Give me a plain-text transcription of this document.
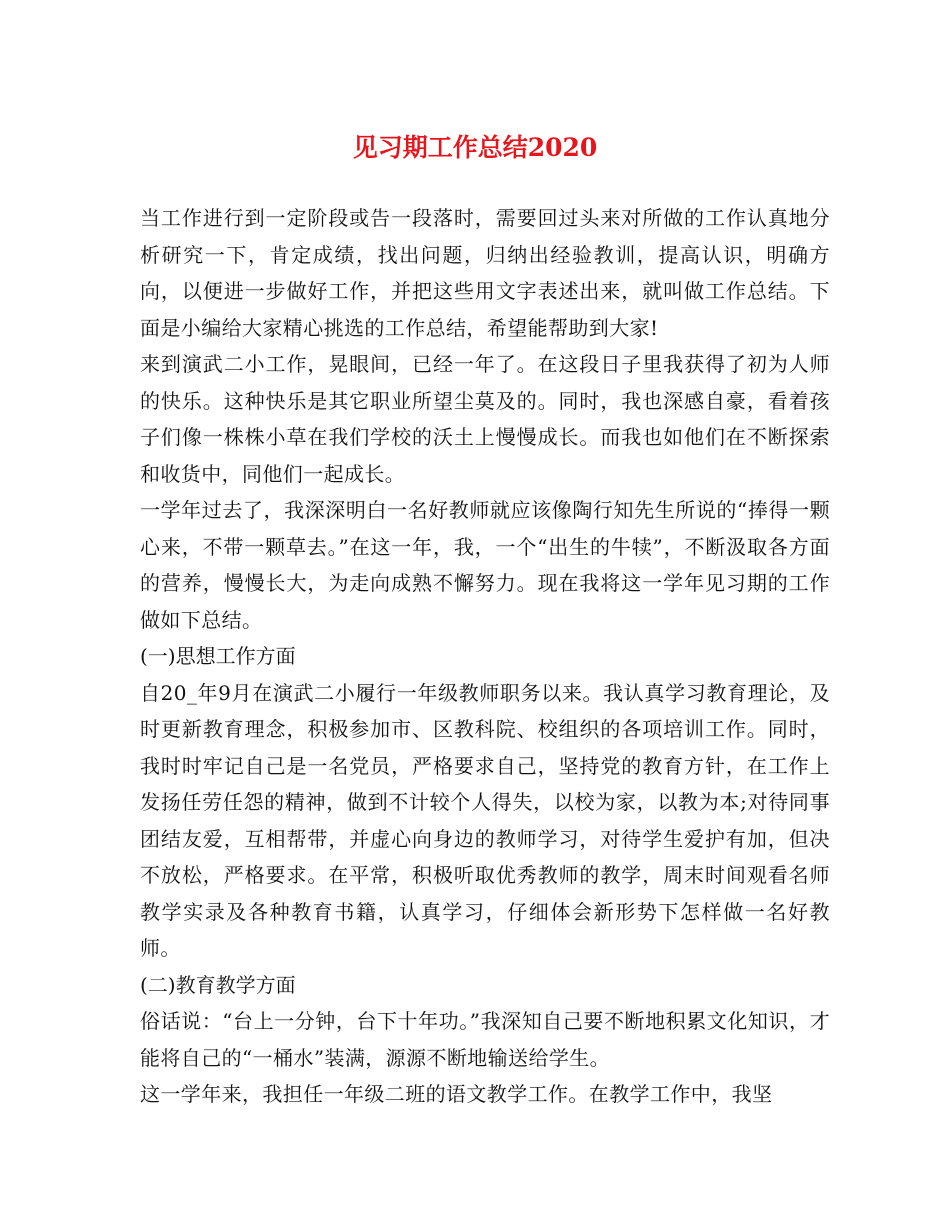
见习期工作总结2020

当工作进行到一定阶段或告一段落时，需要回过头来对所做的工作认真地分析研究一下，肯定成绩，找出问题，归纳出经验教训，提高认识，明确方向，以便进一步做好工作，并把这些用文字表述出来，就叫做工作总结。下面是小编给大家精心挑选的工作总结，希望能帮助到大家!

来到演武二小工作，晃眼间，已经一年了。在这段日子里我获得了初为人师的快乐。这种快乐是其它职业所望尘莫及的。同时，我也深感自豪，看着孩子们像一株株小草在我们学校的沃土上慢慢成长。而我也如他们在不断探索和收货中，同他们一起成长。

一学年过去了，我深深明白一名好教师就应该像陶行知先生所说的“捧得一颗心来，不带一颗草去。”在这一年，我，一个“出生的牛犊”，不断汲取各方面的营养，慢慢长大，为走向成熟不懈努力。现在我将这一学年见习期的工作做如下总结。

(一)思想工作方面

自20_年9月在演武二小履行一年级教师职务以来。我认真学习教育理论，及时更新教育理念，积极参加市、区教科院、校组织的各项培训工作。同时，我时时牢记自己是一名党员，严格要求自己，坚持党的教育方针，在工作上发扬任劳任怨的精神，做到不计较个人得失，以校为家，以教为本;对待同事团结友爱，互相帮带，并虚心向身边的教师学习，对待学生爱护有加，但决不放松，严格要求。在平常，积极听取优秀教师的教学，周末时间观看名师教学实录及各种教育书籍，认真学习，仔细体会新形势下怎样做一名好教师。

(二)教育教学方面

俗话说：“台上一分钟，台下十年功。”我深知自己要不断地积累文化知识，才能将自己的“一桶水”装满，源源不断地输送给学生。

这一学年来，我担任一年级二班的语文教学工作。在教学工作中，我坚
